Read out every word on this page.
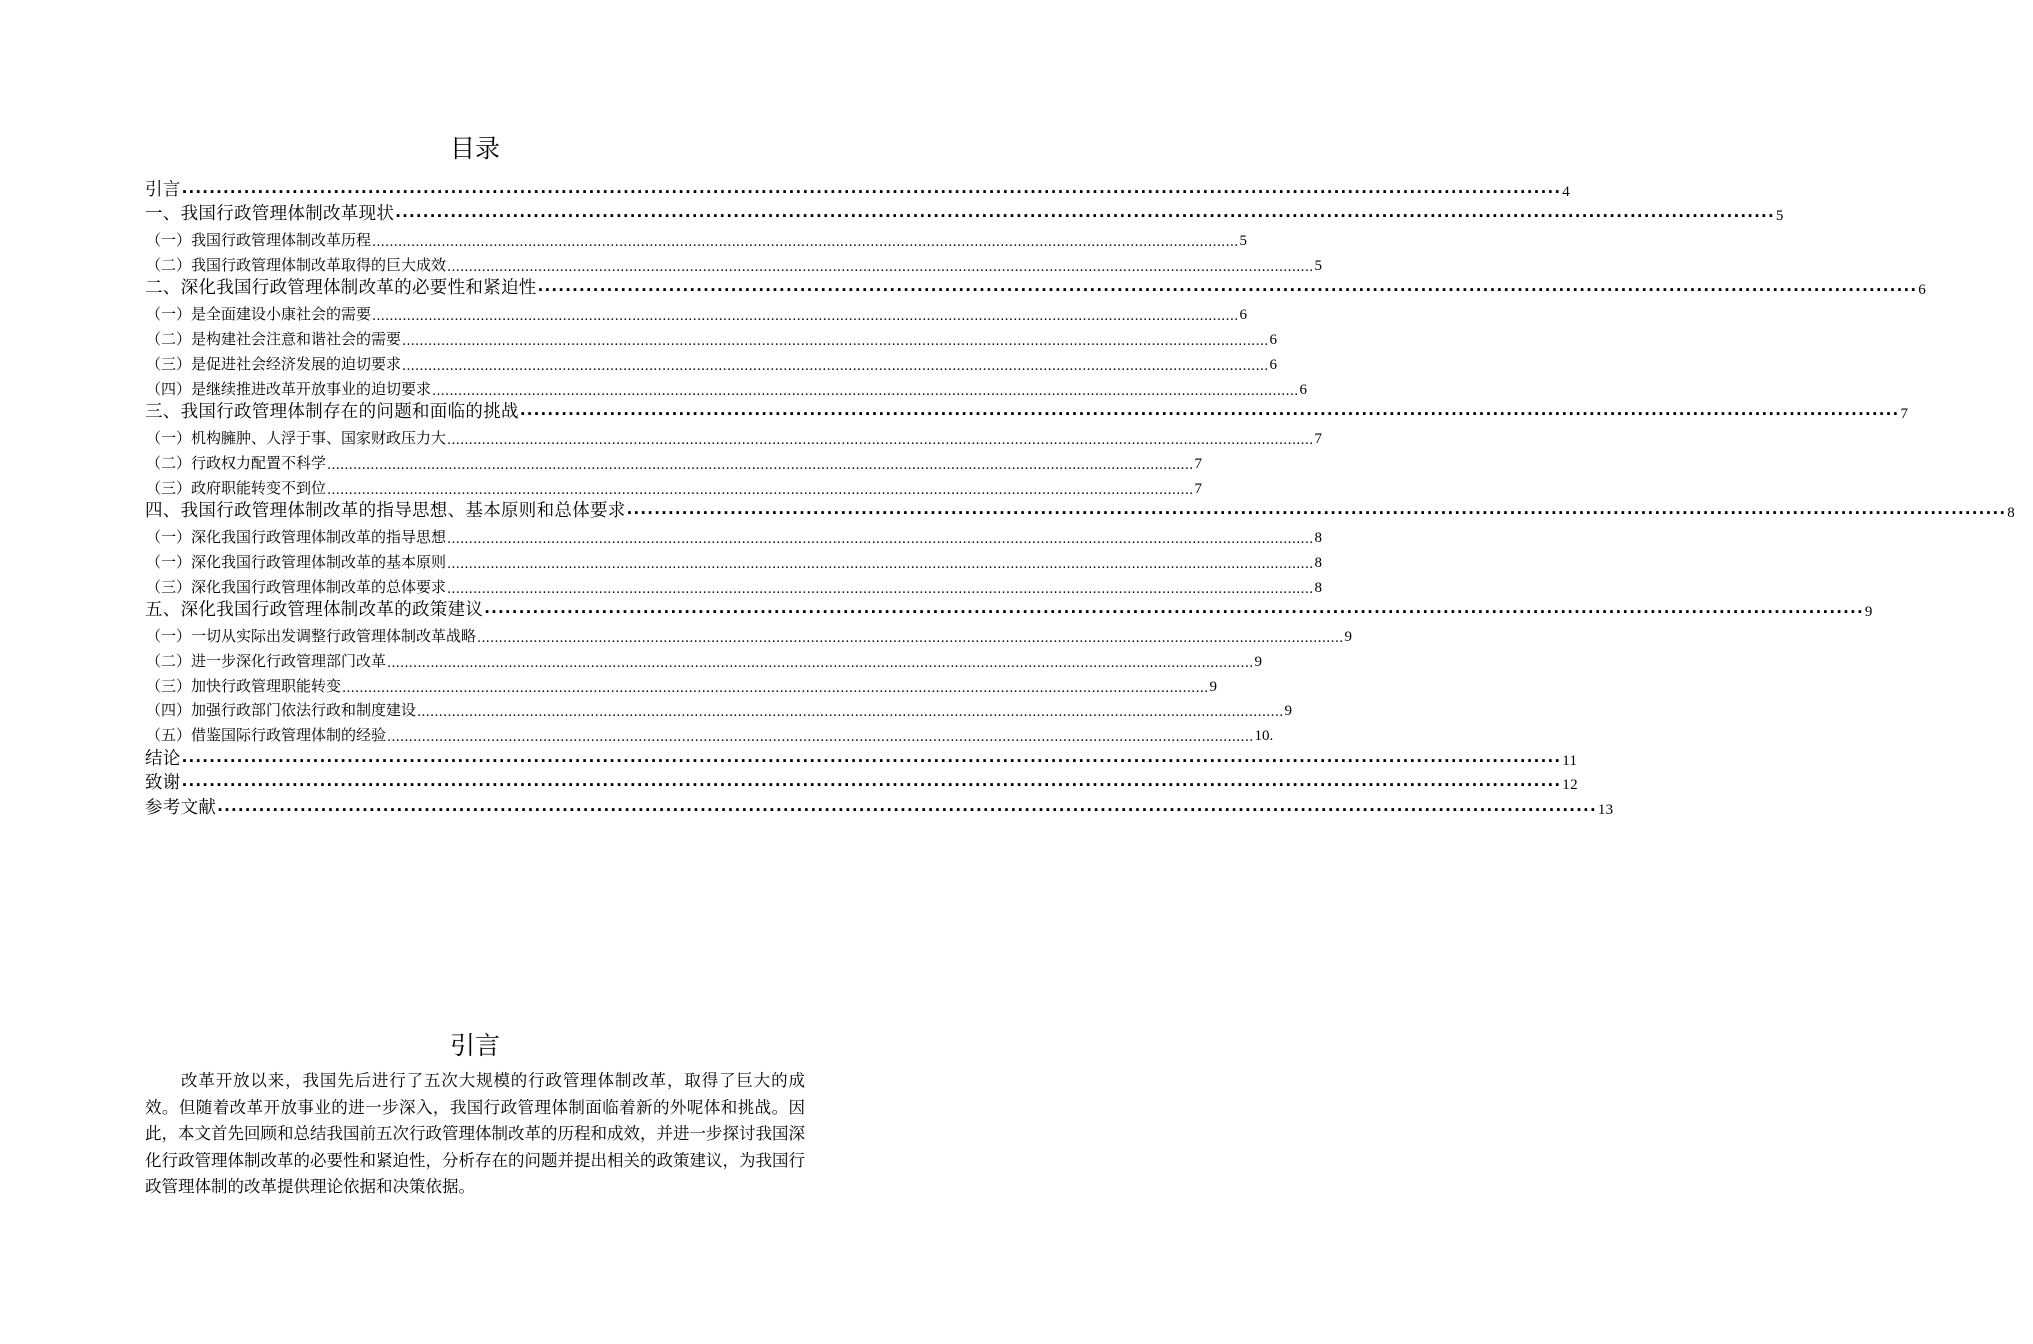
目录
引言 ········································································································································································································ 4
一、我国行政管理体制改革现状 ········································································································································································································ 5
（一）我国行政管理体制改革历程 ........................................................................................................................................................................................................ 5
（二）我国行政管理体制改革取得的巨大成效 ........................................................................................................................................................................................................ 5
二、深化我国行政管理体制改革的必要性和紧迫性 ········································································································································································································ 6
（一）是全面建设小康社会的需要 ........................................................................................................................................................................................................ 6
（二）是构建社会注意和谐社会的需要 ........................................................................................................................................................................................................ 6
（三）是促进社会经济发展的迫切要求 ........................................................................................................................................................................................................ 6
（四）是继续推进改革开放事业的迫切要求 ........................................................................................................................................................................................................ 6
三、我国行政管理体制存在的问题和面临的挑战 ········································································································································································································ 7
（一）机构臃肿、人浮于事、国家财政压力大 ........................................................................................................................................................................................................ 7
（二）行政权力配置不科学 ........................................................................................................................................................................................................ 7
（三）政府职能转变不到位 ........................................................................................................................................................................................................ 7
四、我国行政管理体制改革的指导思想、基本原则和总体要求 ········································································································································································································ 8
（一）深化我国行政管理体制改革的指导思想 ........................................................................................................................................................................................................ 8
（一）深化我国行政管理体制改革的基本原则 ........................................................................................................................................................................................................ 8
（三）深化我国行政管理体制改革的总体要求 ........................................................................................................................................................................................................ 8
五、深化我国行政管理体制改革的政策建议 ········································································································································································································ 9
（一）一切从实际出发调整行政管理体制改革战略 ........................................................................................................................................................................................................ 9
（二）进一步深化行政管理部门改革 ........................................................................................................................................................................................................ 9
（三）加快行政管理职能转变 ........................................................................................................................................................................................................ 9
（四）加强行政部门依法行政和制度建设 ........................................................................................................................................................................................................ 9
（五）借鉴国际行政管理体制的经验 ........................................................................................................................................................................................................ 10.
结论 ········································································································································································································ 11
致谢 ········································································································································································································ 12
参考文献 ········································································································································································································ 13
引言
改革开放以来，我国先后进行了五次大规模的行政管理体制改革，取得了巨大的成效。但随着改革开放事业的进一步深入，我国行政管理体制面临着新的外呢体和挑战。因此，本文首先回顾和总结我国前五次行政管理体制改革的历程和成效，并进一步探讨我国深化行政管理体制改革的必要性和紧迫性，分析存在的问题并提出相关的政策建议，为我国行政管理体制的改革提供理论依据和决策依据。
